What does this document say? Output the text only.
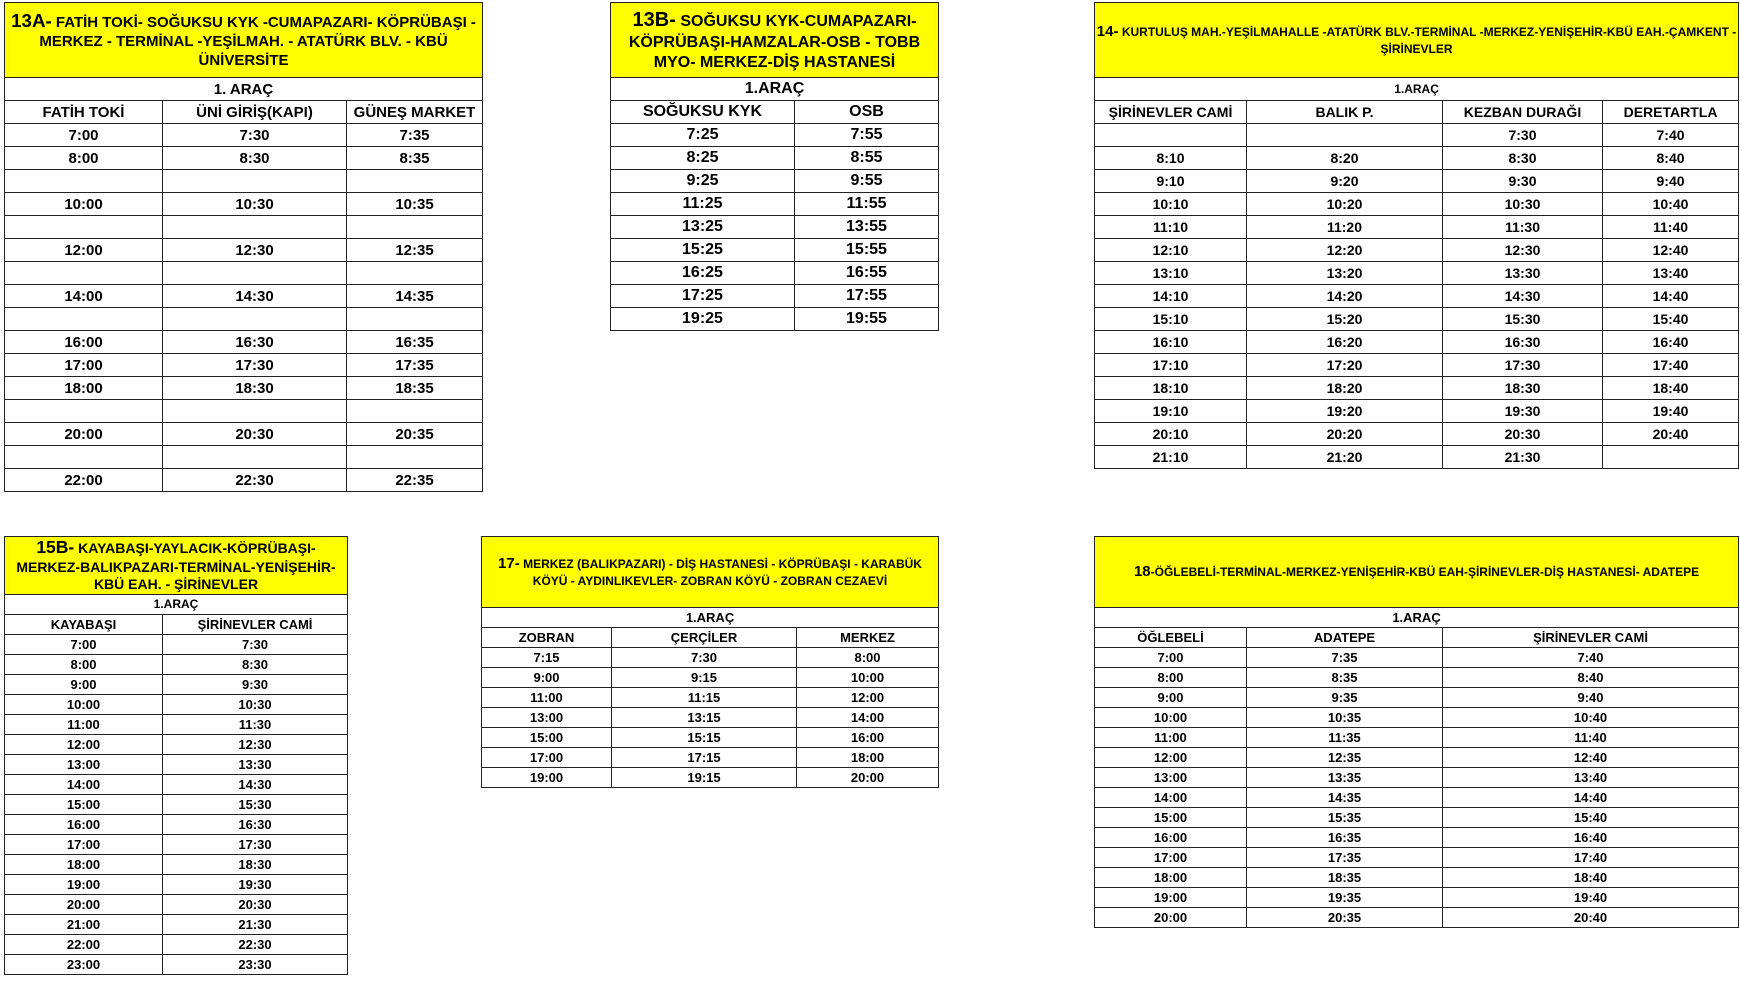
13A- FATİH TOKİ- SOĞUKSU KYK -CUMAPAZARI- KÖPRÜBAŞI - MERKEZ - TERMİNAL -YEŞİLMAH. - ATATÜRK BLV. - KBÜ ÜNİVERSİTE		
1. ARAÇ		
FATİH TOKİ	ÜNİ GİRİŞ(KAPI)	GÜNEŞ MARKET
7:00	7:30	7:35
8:00	8:30	8:35

10:00	10:30	10:35

12:00	12:30	12:35

14:00	14:30	14:35

16:00	16:30	16:35
17:00	17:30	17:35
18:00	18:30	18:35

20:00	20:30	20:35

22:00	22:30	22:35
13B- SOĞUKSU KYK-CUMAPAZARI-KÖPRÜBAŞI-HAMZALAR-OSB - TOBB MYO- MERKEZ-DİŞ HASTANESİ	
1.ARAÇ	
SOĞUKSU KYK	OSB
7:25	7:55
8:25	8:55
9:25	9:55
11:25	11:55
13:25	13:55
15:25	15:55
16:25	16:55
17:25	17:55
19:25	19:55
14- KURTULUŞ MAH.-YEŞİLMAHALLE -ATATÜRK BLV.-TERMİNAL -MERKEZ-YENİŞEHİR-KBÜ EAH.-ÇAMKENT - ŞİRİNEVLER			
1.ARAÇ			
ŞİRİNEVLER CAMİ	BALIK P.	KEZBAN DURAĞI	DERETARTLA
		7:30	7:40
8:10	8:20	8:30	8:40
9:10	9:20	9:30	9:40
10:10	10:20	10:30	10:40
11:10	11:20	11:30	11:40
12:10	12:20	12:30	12:40
13:10	13:20	13:30	13:40
14:10	14:20	14:30	14:40
15:10	15:20	15:30	15:40
16:10	16:20	16:30	16:40
17:10	17:20	17:30	17:40
18:10	18:20	18:30	18:40
19:10	19:20	19:30	19:40
20:10	20:20	20:30	20:40
21:10	21:20	21:30	
15B- KAYABAŞI-YAYLACIK-KÖPRÜBAŞI-MERKEZ-BALIKPAZARI-TERMİNAL-YENİŞEHİR- KBÜ EAH. - ŞİRİNEVLER	
1.ARAÇ	
KAYABAŞI	ŞİRİNEVLER CAMİ
7:00	7:30
8:00	8:30
9:00	9:30
10:00	10:30
11:00	11:30
12:00	12:30
13:00	13:30
14:00	14:30
15:00	15:30
16:00	16:30
17:00	17:30
18:00	18:30
19:00	19:30
20:00	20:30
21:00	21:30
22:00	22:30
23:00	23:30
17- MERKEZ (BALIKPAZARI) - DİŞ HASTANESİ - KÖPRÜBAŞI - KARABÜK KÖYÜ - AYDINLIKEVLER- ZOBRAN KÖYÜ - ZOBRAN CEZAEVİ		
1.ARAÇ		
ZOBRAN	ÇERÇİLER	MERKEZ
7:15	7:30	8:00
9:00	9:15	10:00
11:00	11:15	12:00
13:00	13:15	14:00
15:00	15:15	16:00
17:00	17:15	18:00
19:00	19:15	20:00
18-ÖĞLEBELİ-TERMİNAL-MERKEZ-YENİŞEHİR-KBÜ EAH-ŞİRİNEVLER-DİŞ HASTANESİ- ADATEPE		
1.ARAÇ		
ÖĞLEBELİ	ADATEPE	ŞİRİNEVLER CAMİ
7:00	7:35	7:40
8:00	8:35	8:40
9:00	9:35	9:40
10:00	10:35	10:40
11:00	11:35	11:40
12:00	12:35	12:40
13:00	13:35	13:40
14:00	14:35	14:40
15:00	15:35	15:40
16:00	16:35	16:40
17:00	17:35	17:40
18:00	18:35	18:40
19:00	19:35	19:40
20:00	20:35	20:40
